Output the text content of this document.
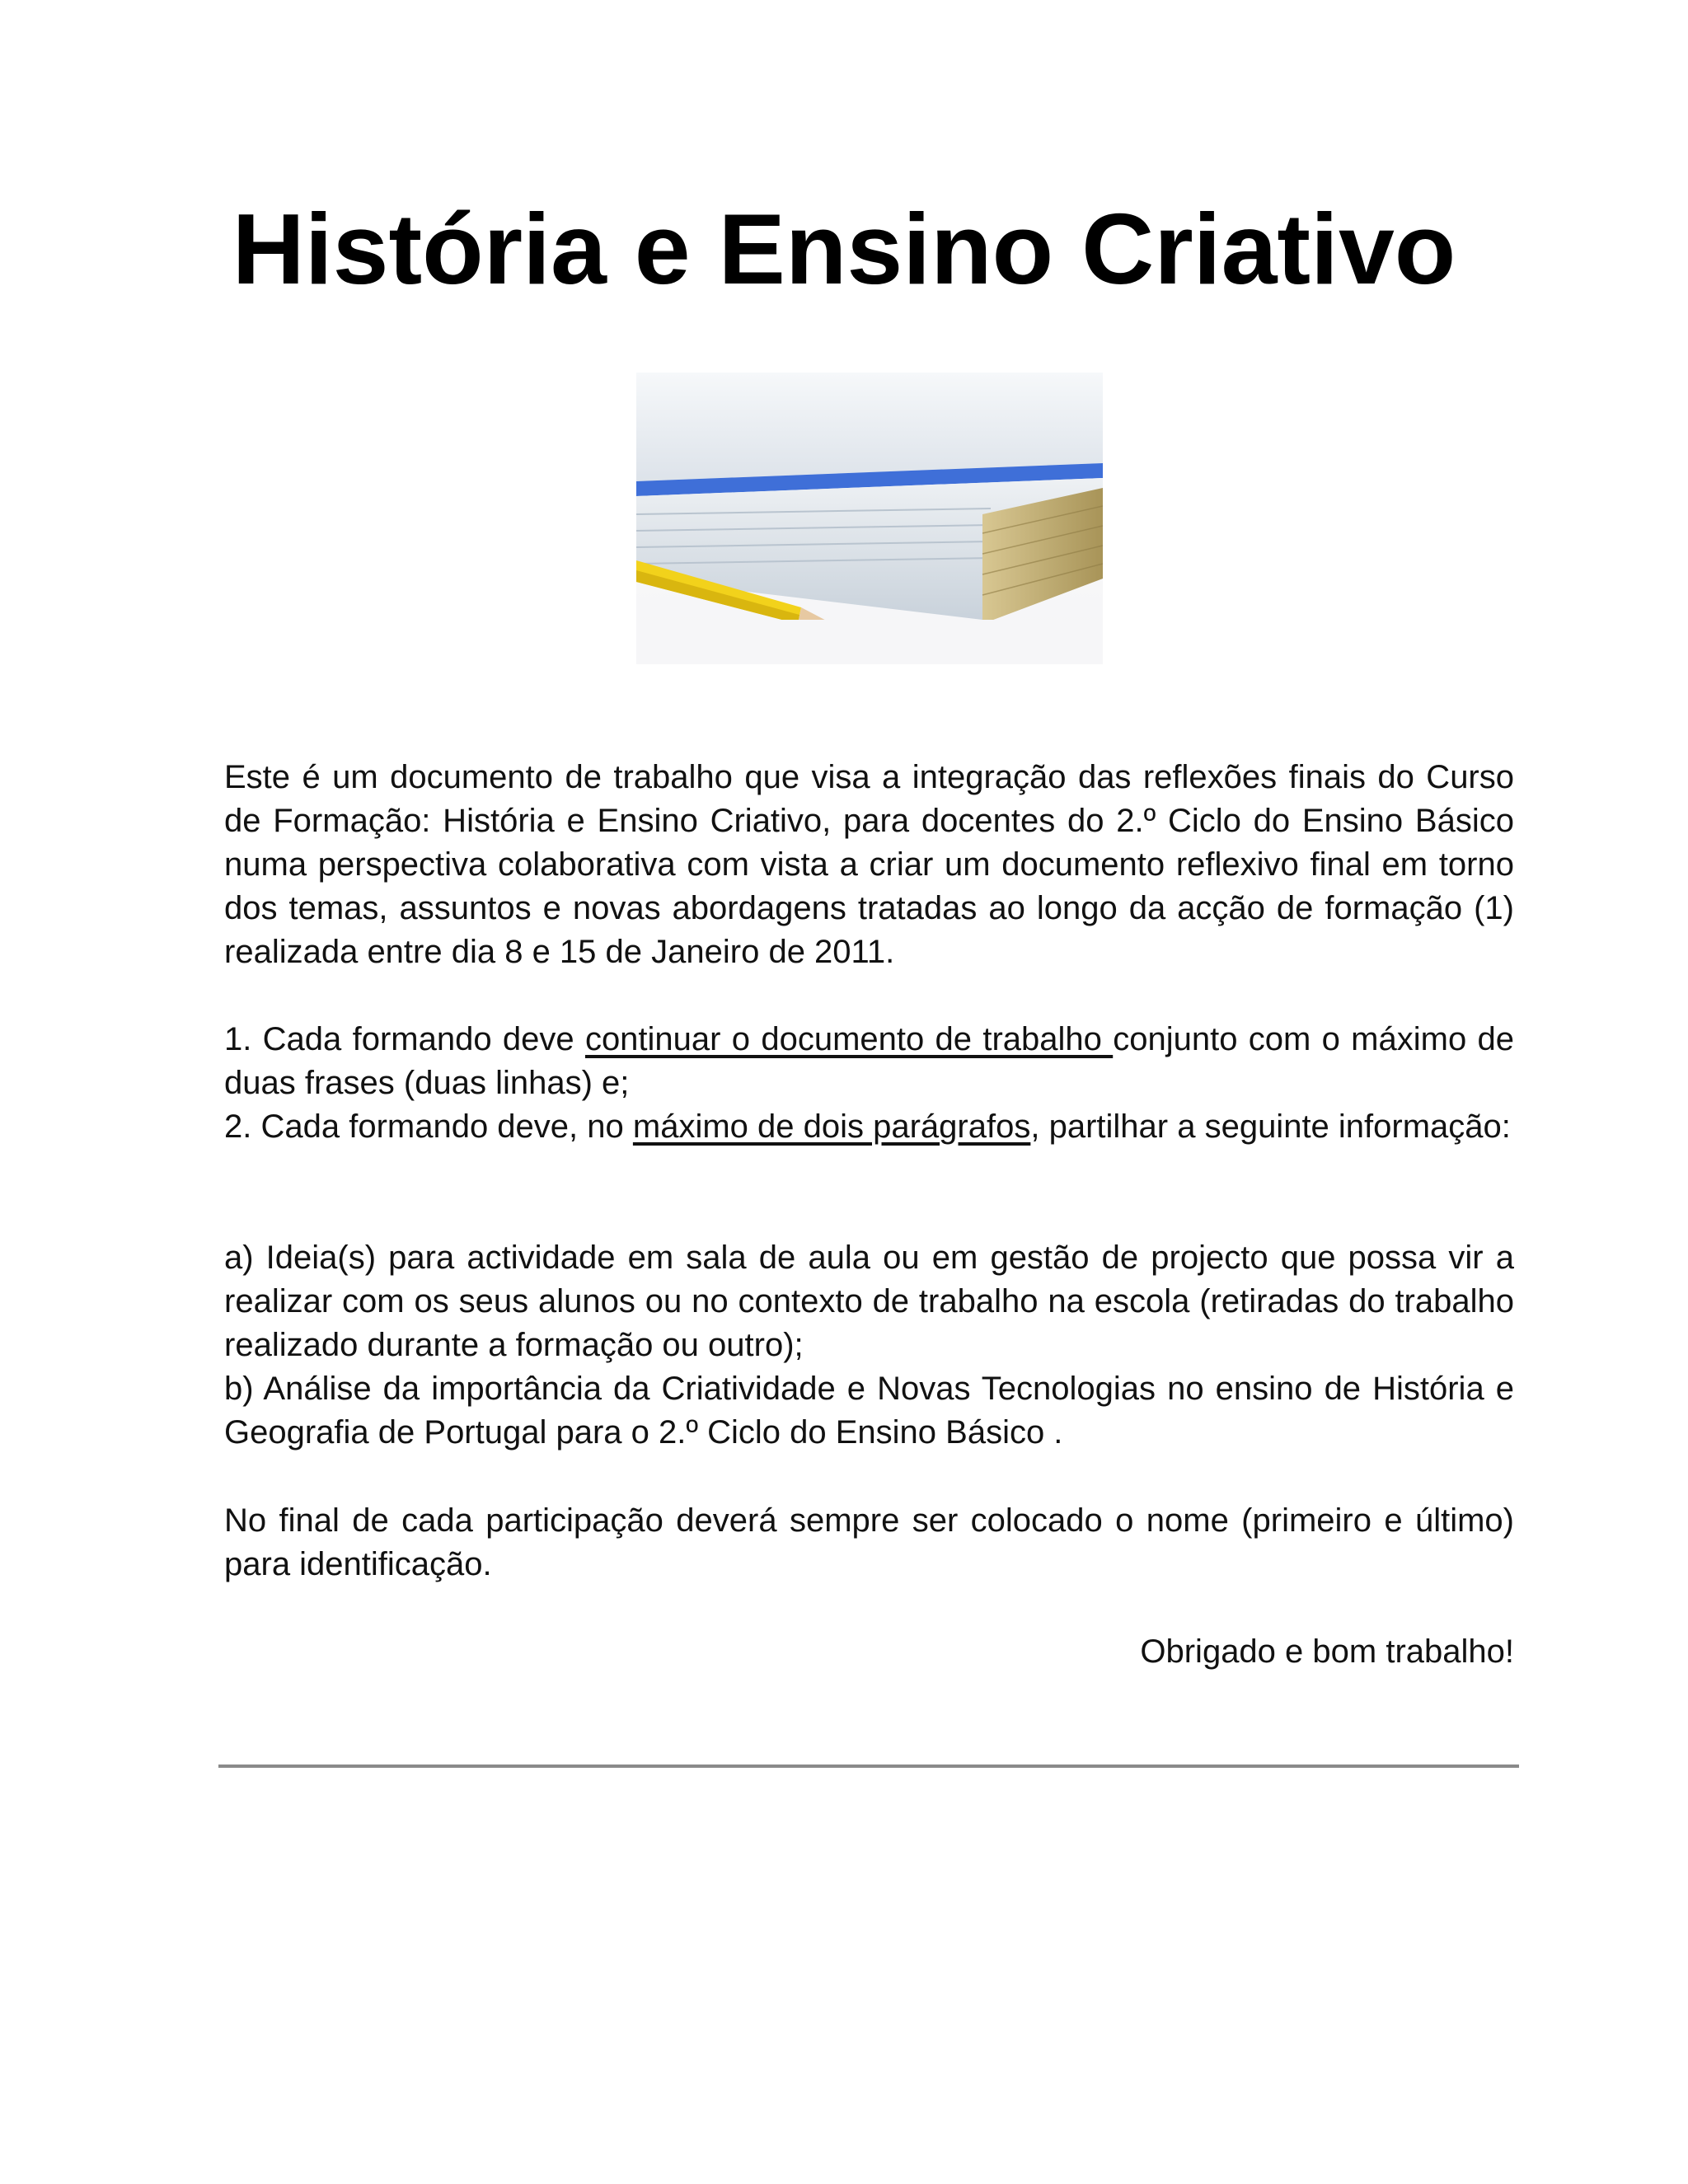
História e Ensino Criativo
Este é um documento de trabalho que visa a integração das reflexões finais do Curso de Formação: História e Ensino Criativo, para docentes do 2.º Ciclo do Ensino Básico numa perspectiva colaborativa com vista a criar um documento reflexivo final em torno dos temas, assuntos e novas abordagens tratadas ao longo da acção de formação (1) realizada entre dia 8 e 15 de Janeiro de 2011.

1. Cada formando deve continuar o documento de trabalho conjunto com o máximo de duas frases (duas linhas) e;

2. Cada formando deve, no máximo de dois parágrafos, partilhar a seguinte informação:

a) Ideia(s) para actividade em sala de aula ou em gestão de projecto que possa vir a realizar com os seus alunos ou no contexto de trabalho na escola (retiradas do trabalho realizado durante a formação ou outro);

b) Análise da importância da Criatividade e Novas Tecnologias no ensino de História e Geografia de Portugal para o 2.º Ciclo do Ensino Básico .

No final de cada participação deverá sempre ser colocado o nome (primeiro e último) para identificação.
Obrigado e bom trabalho!
